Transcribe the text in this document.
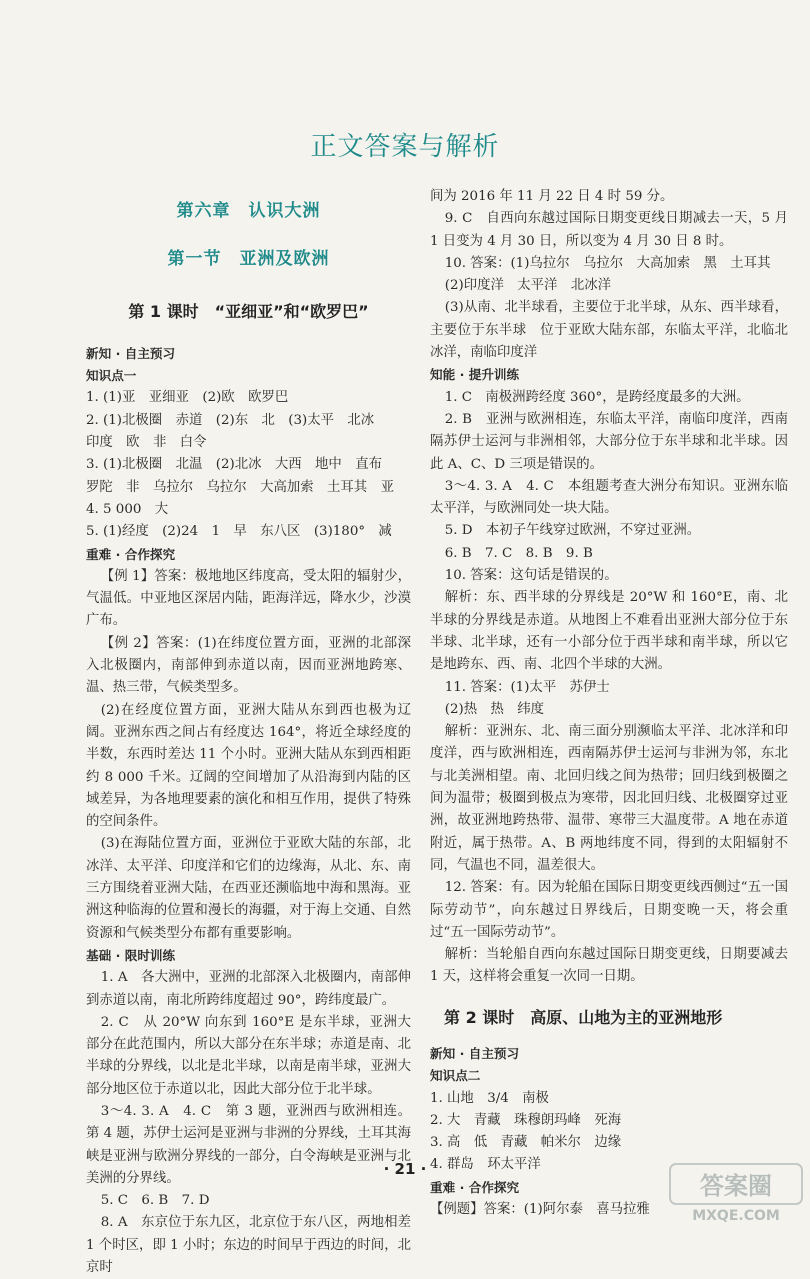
正文答案与解析
第六章　认识大洲
第一节　亚洲及欧洲
第 1 课时　“亚细亚”和“欧罗巴”

新知 · 自主预习

知识点一

1. (1)亚　亚细亚　(2)欧　欧罗巴

2. (1)北极圈　赤道　(2)东　北　(3)太平　北冰

印度　欧　非　白令

3. (1)北极圈　北温　(2)北冰　大西　地中　直布

罗陀　非　乌拉尔　乌拉尔　大高加索　土耳其　亚

4. 5 000　大

5. (1)经度　(2)24　1　早　东八区　(3)180°　减

重难 · 合作探究

【例 1】答案：极地地区纬度高，受太阳的辐射少，气温低。中亚地区深居内陆，距海洋远，降水少，沙漠广布。

【例 2】答案：(1)在纬度位置方面，亚洲的北部深入北极圈内，南部伸到赤道以南，因而亚洲地跨寒、温、热三带，气候类型多。

(2)在经度位置方面，亚洲大陆从东到西也极为辽阔。亚洲东西之间占有经度达 164°，将近全球经度的半数，东西时差达 11 个小时。亚洲大陆从东到西相距约 8 000 千米。辽阔的空间增加了从沿海到内陆的区域差异，为各地理要素的演化和相互作用，提供了特殊的空间条件。

(3)在海陆位置方面，亚洲位于亚欧大陆的东部，北冰洋、太平洋、印度洋和它们的边缘海，从北、东、南三方围绕着亚洲大陆，在西亚还濒临地中海和黑海。亚洲这种临海的位置和漫长的海疆，对于海上交通、自然资源和气候类型分布都有重要影响。

基础 · 限时训练

1. A　各大洲中，亚洲的北部深入北极圈内，南部伸到赤道以南，南北所跨纬度超过 90°，跨纬度最广。

2. C　从 20°W 向东到 160°E 是东半球，亚洲大部分在此范围内，所以大部分在东半球；赤道是南、北半球的分界线，以北是北半球，以南是南半球，亚洲大部分地区位于赤道以北，因此大部分位于北半球。

3～4. 3. A　4. C　第 3 题，亚洲西与欧洲相连。第 4 题，苏伊士运河是亚洲与非洲的分界线，土耳其海峡是亚洲与欧洲分界线的一部分，白令海峡是亚洲与北美洲的分界线。

5. C　6. B　7. D

8. A　东京位于东九区，北京位于东八区，两地相差 1 个时区，即 1 小时；东边的时间早于西边的时间，北京时

间为 2016 年 11 月 22 日 4 时 59 分。

9. C　自西向东越过国际日期变更线日期减去一天，5 月 1 日变为 4 月 30 日，所以变为 4 月 30 日 8 时。

10. 答案：(1)乌拉尔　乌拉尔　大高加索　黑　土耳其

(2)印度洋　太平洋　北冰洋

(3)从南、北半球看，主要位于北半球，从东、西半球看，主要位于东半球　位于亚欧大陆东部，东临太平洋，北临北冰洋，南临印度洋

知能 · 提升训练

1. C　南极洲跨经度 360°，是跨经度最多的大洲。

2. B　亚洲与欧洲相连，东临太平洋，南临印度洋，西南隔苏伊士运河与非洲相邻，大部分位于东半球和北半球。因此 A、C、D 三项是错误的。

3～4. 3. A　4. C　本组题考查大洲分布知识。亚洲东临太平洋，与欧洲同处一块大陆。

5. D　本初子午线穿过欧洲，不穿过亚洲。

6. B　7. C　8. B　9. B

10. 答案：这句话是错误的。

解析：东、西半球的分界线是 20°W 和 160°E，南、北半球的分界线是赤道。从地图上不难看出亚洲大部分位于东半球、北半球，还有一小部分位于西半球和南半球，所以它是地跨东、西、南、北四个半球的大洲。

11. 答案：(1)太平　苏伊士

(2)热　热　纬度

解析：亚洲东、北、南三面分别濒临太平洋、北冰洋和印度洋，西与欧洲相连，西南隔苏伊士运河与非洲为邻，东北与北美洲相望。南、北回归线之间为热带；回归线到极圈之间为温带；极圈到极点为寒带，因北回归线、北极圈穿过亚洲，故亚洲地跨热带、温带、寒带三大温度带。A 地在赤道附近，属于热带。A、B 两地纬度不同，得到的太阳辐射不同，气温也不同，温差很大。

12. 答案：有。因为轮船在国际日期变更线西侧过“五一国际劳动节”，向东越过日界线后，日期变晚一天，将会重过“五一国际劳动节”。

解析：当轮船自西向东越过国际日期变更线，日期要减去 1 天，这样将会重复一次同一日期。

第 2 课时　高原、山地为主的亚洲地形

新知 · 自主预习

知识点二

1. 山地　3/4　南极

2. 大　青藏　珠穆朗玛峰　死海

3. 高　低　青藏　帕米尔　边缘

4. 群岛　环太平洋

重难 · 合作探究

【例题】答案：(1)阿尔泰　喜马拉雅

· 21 ·
答案圈
MXQE.COM
